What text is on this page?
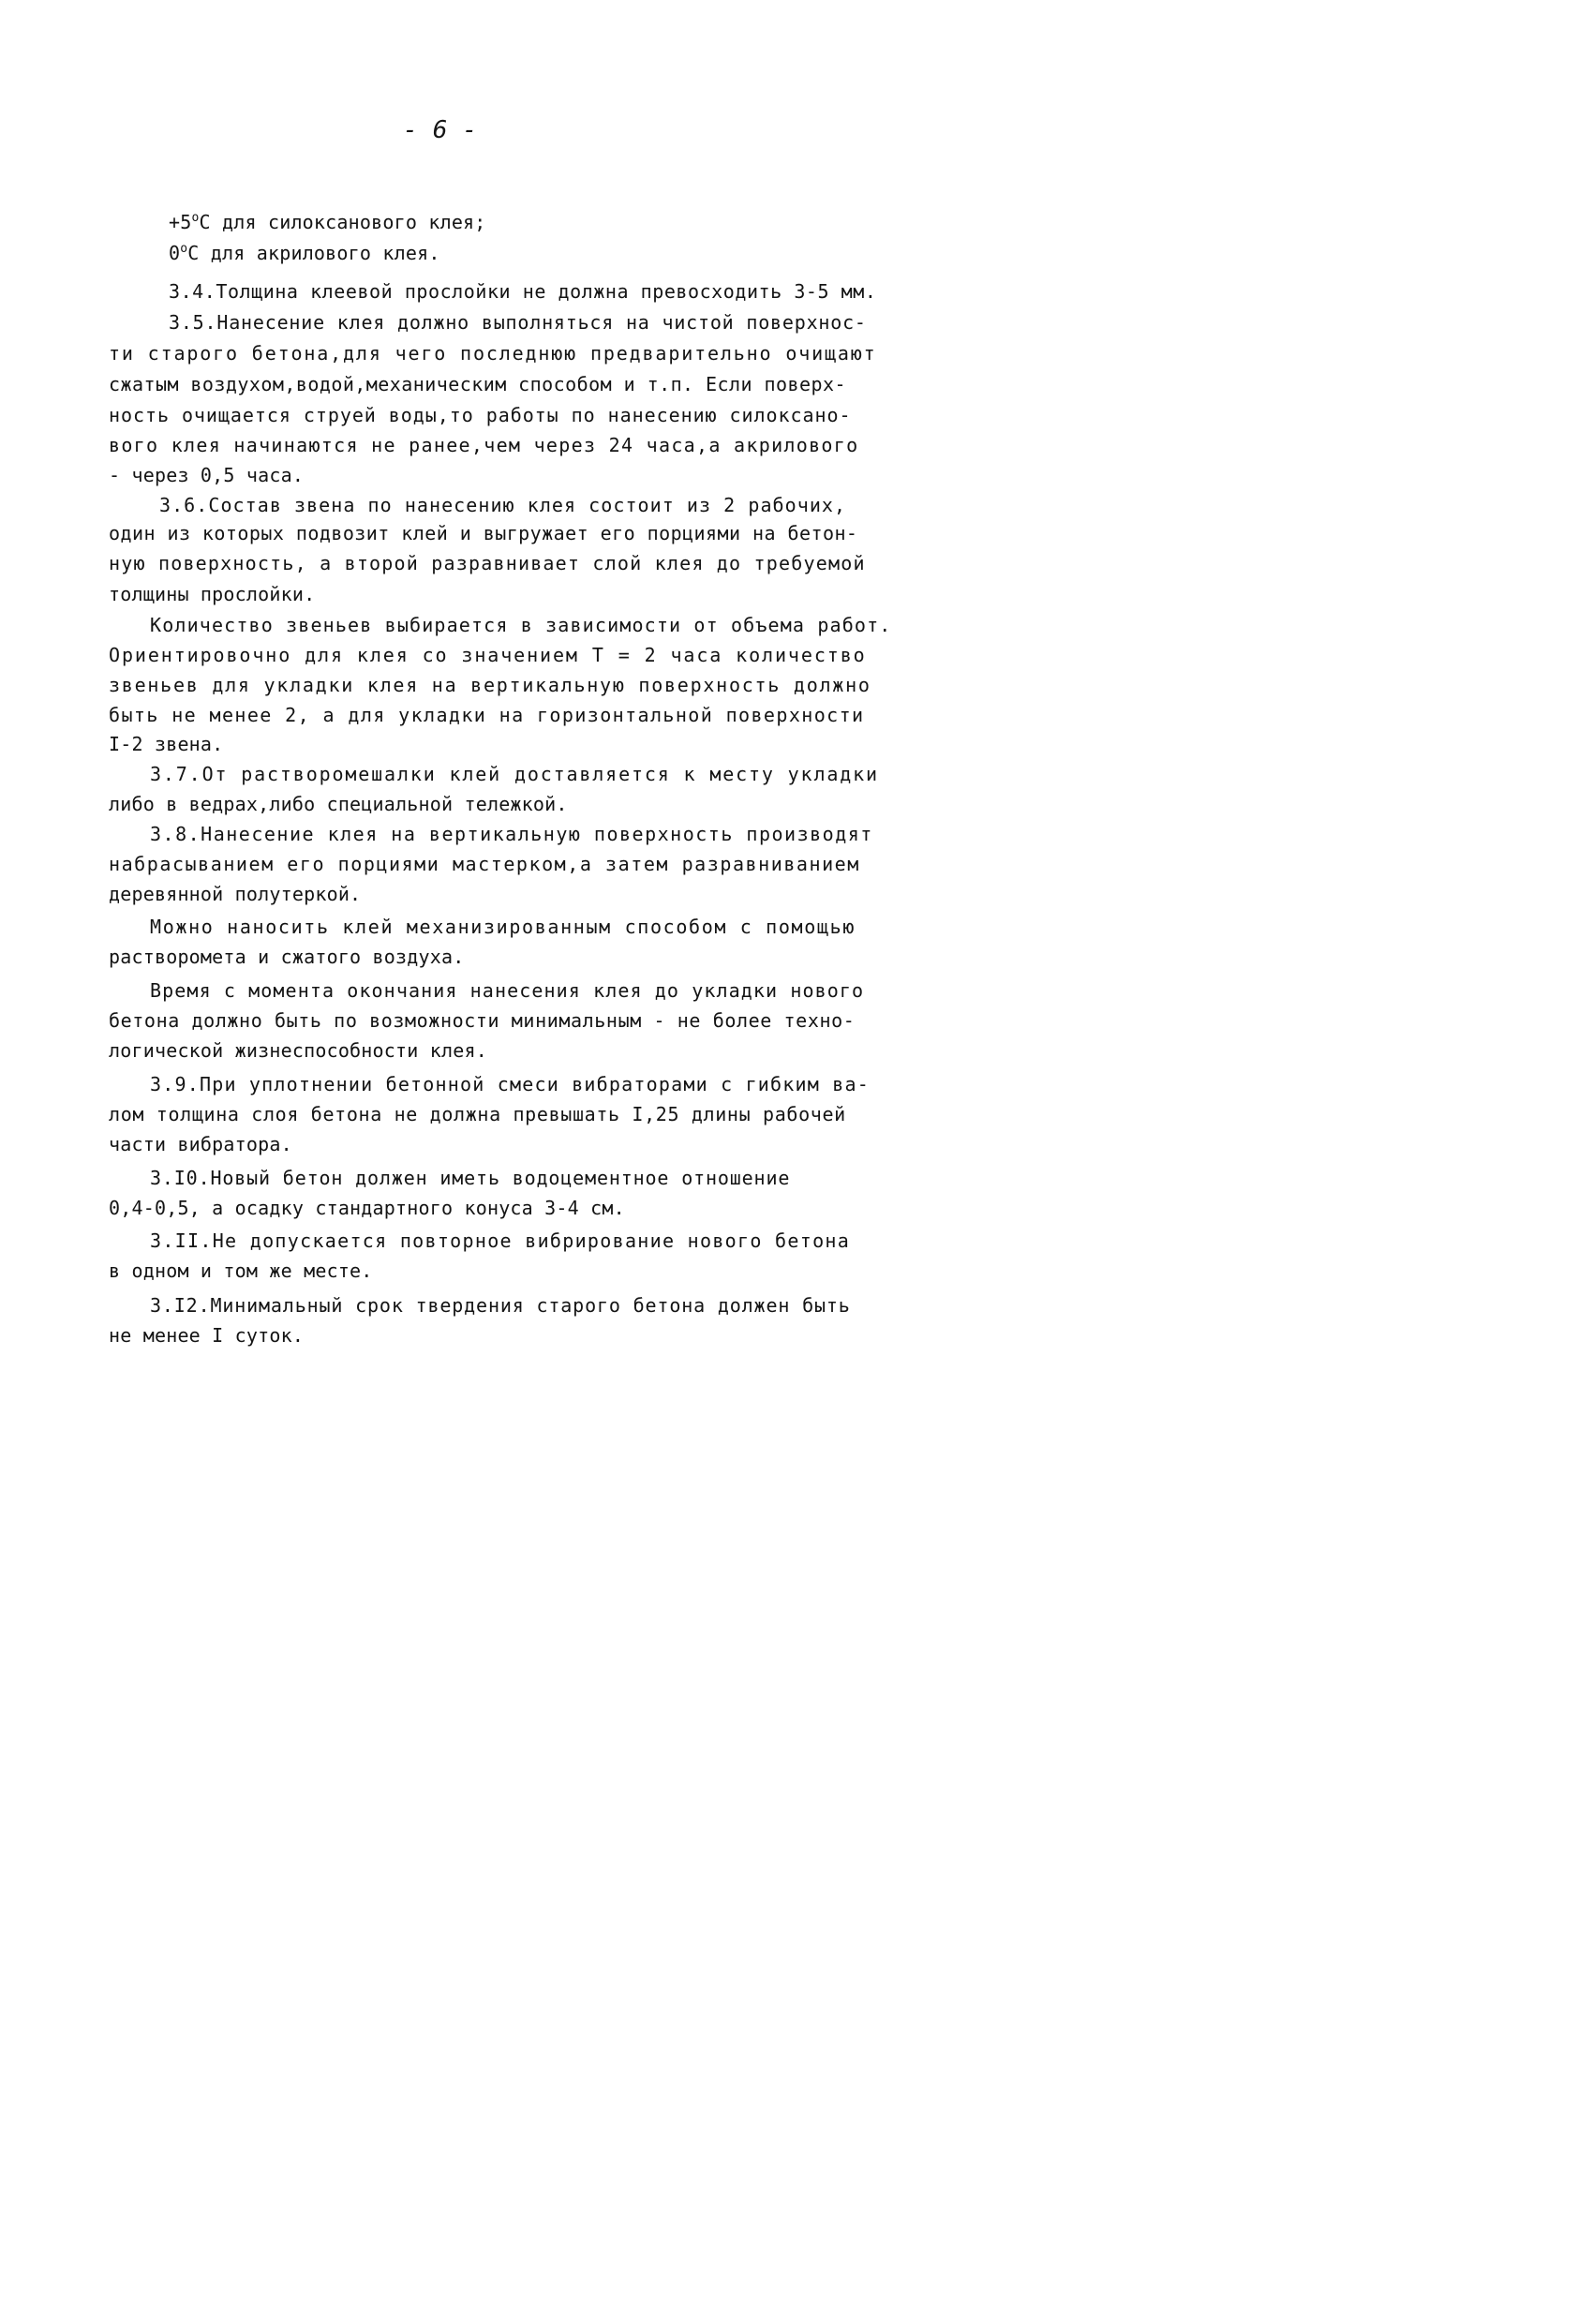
- 6 -
$+5^oС$ для силоксанового клея;
$0^оС$ для акрилового клея.
3.4.Толщина клеевой прослойки не должна превосходить 3-5 мм.
3.5.Нанесение клея должно выполняться на чистой поверхнос-
ти старого бетона,для чего последнюю предварительно очищают
сжатым воздухом,водой,механическим способом и т.п. Если поверх-
ность очищается струей воды,то работы по нанесению силоксано-
вого клея начинаются не ранее,чем через 24 часа,а акрилового
- через 0,5 часа.
3.6.Состав звена по нанесению клея состоит из 2 рабочих,
один из которых подвозит клей и выгружает его порциями на бетон-
ную поверхность, а второй разравнивает слой клея до требуемой
толщины прослойки.
Количество звеньев выбирается в зависимости от объема работ.
Ориентировочно для клея со значением Т = 2 часа количество
звеньев для укладки клея на вертикальную поверхность должно
быть не менее 2, а для укладки на горизонтальной поверхности
I-2 звена.
3.7.От растворомешалки клей доставляется к месту укладки
либо в ведрах,либо специальной тележкой.
3.8.Нанесение клея на вертикальную поверхность производят
набрасыванием его порциями мастерком,а затем разравниванием
деревянной полутеркой.
Можно наносить клей механизированным способом с помощью
растворомета и сжатого воздуха.
Время с момента окончания нанесения клея до укладки нового
бетона должно быть по возможности минимальным - не более техно-
логической жизнеспособности клея.
3.9.При уплотнении бетонной смеси вибраторами с гибким ва-
лом толщина слоя бетона не должна превышать I,25 длины рабочей
части вибратора.
3.I0.Новый бетон должен иметь водоцементное отношение
0,4-0,5, а осадку стандартного конуса 3-4 см.
3.II.Не допускается повторное вибрирование нового бетона
в одном и том же месте.
3.I2.Минимальный срок твердения старого бетона должен быть
не менее I суток.
